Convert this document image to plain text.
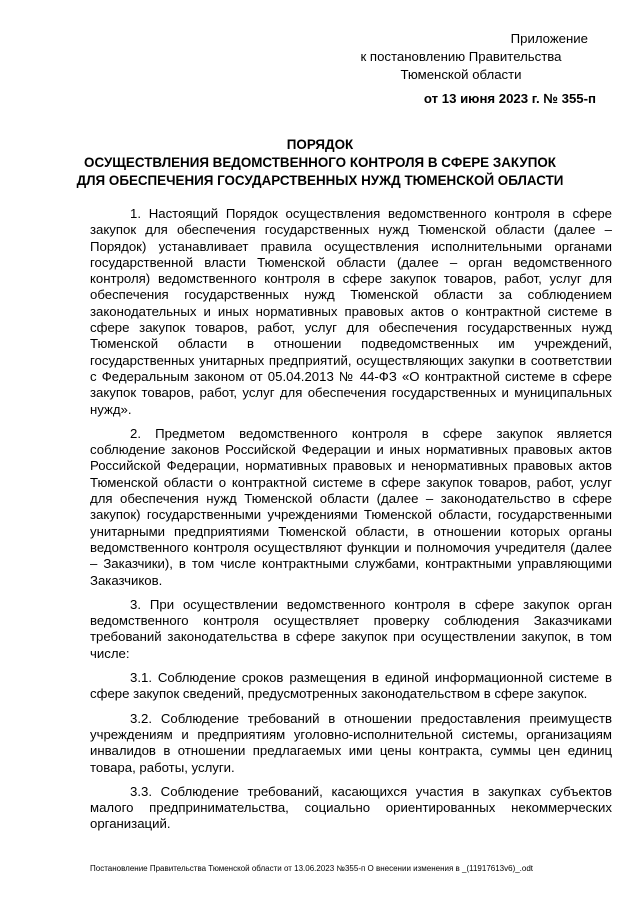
Приложение
к постановлению Правительства
Тюменской области
от 13 июня 2023 г. № 355-п
ПОРЯДОК
ОСУЩЕСТВЛЕНИЯ ВЕДОМСТВЕННОГО КОНТРОЛЯ В СФЕРЕ ЗАКУПОК
ДЛЯ ОБЕСПЕЧЕНИЯ ГОСУДАРСТВЕННЫХ НУЖД ТЮМЕНСКОЙ ОБЛАСТИ

1. Настоящий Порядок осуществления ведомственного контроля в сфере закупок для обеспечения государственных нужд Тюменской области (далее – Порядок) устанавливает правила осуществления исполнительными органами государственной власти Тюменской области (далее – орган ведомственного контроля) ведомственного контроля в сфере закупок товаров, работ, услуг для обеспечения государственных нужд Тюменской области за соблюдением законодательных и иных нормативных правовых актов о контрактной системе в сфере закупок товаров, работ, услуг для обеспечения государственных нужд Тюменской области в отношении подведомственных им учреждений, государственных унитарных предприятий, осуществляющих закупки в соответствии с Федеральным законом от 05.04.2013 № 44-ФЗ «О контрактной системе в сфере закупок товаров, работ, услуг для обеспечения государственных и муниципальных нужд».

2. Предметом ведомственного контроля в сфере закупок является соблюдение законов Российской Федерации и иных нормативных правовых актов Российской Федерации, нормативных правовых и ненормативных правовых актов Тюменской области о контрактной системе в сфере закупок товаров, работ, услуг для обеспечения нужд Тюменской области (далее – законодательство в сфере закупок) государственными учреждениями Тюменской области, государственными унитарными предприятиями Тюменской области, в отношении которых органы ведомственного контроля осуществляют функции и полномочия учредителя (далее – Заказчики), в том числе контрактными службами, контрактными управляющими Заказчиков.

3. При осуществлении ведомственного контроля в сфере закупок орган ведомственного контроля осуществляет проверку соблюдения Заказчиками требований законодательства в сфере закупок при осуществлении закупок, в том числе:

3.1. Соблюдение сроков размещения в единой информационной системе в сфере закупок сведений, предусмотренных законодательством в сфере закупок.

3.2. Соблюдение требований в отношении предоставления преимуществ учреждениям и предприятиям уголовно-исполнительной системы, организациям инвалидов в отношении предлагаемых ими цены контракта, суммы цен единиц товара, работы, услуги.

3.3. Соблюдение требований, касающихся участия в закупках субъектов малого предпринимательства, социально ориентированных некоммерческих организаций.

Постановление Правительства Тюменской области от 13.06.2023 №355-п О внесении изменения в _(11917613v6)_.odt
